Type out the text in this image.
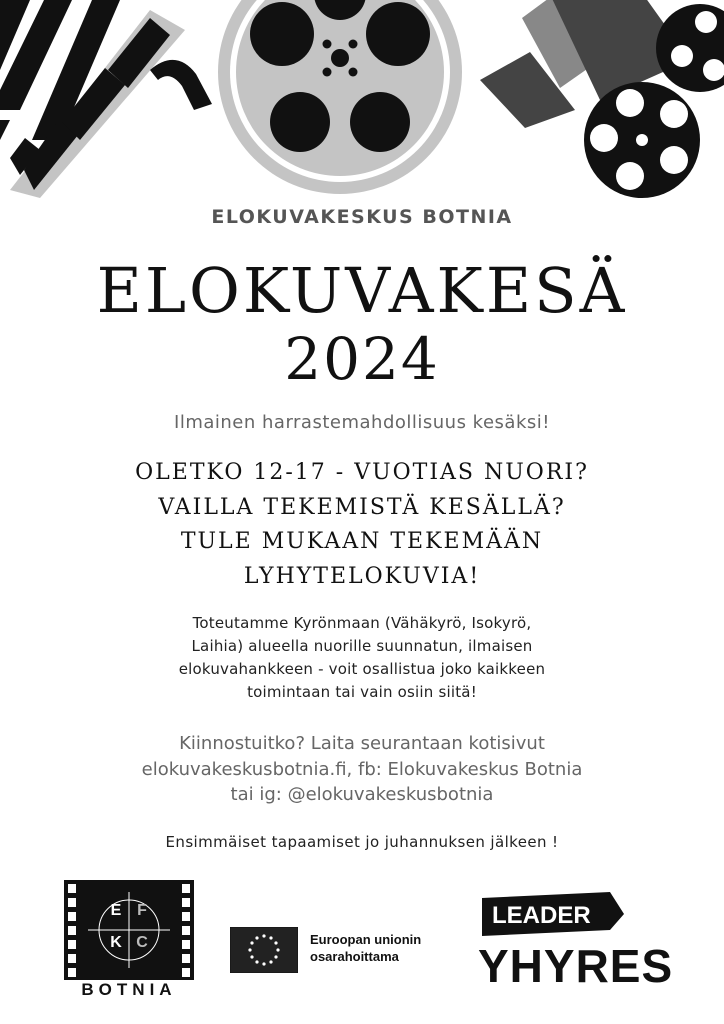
ELOKUVAKESKUS BOTNIA
ELOKUVAKESÄ
2024
Ilmainen harrastemahdollisuus kesäksi!
OLETKO 12-17 - VUOTIAS NUORI?
VAILLA TEKEMISTÄ KESÄLLÄ?
TULE MUKAAN TEKEMÄÄN
LYHYTELOKUVIA!
Toteutamme Kyrönmaan (Vähäkyrö, Isokyrö,
Laihia) alueella nuorille suunnatun, ilmaisen
elokuvahankkeen - voit osallistua joko kaikkeen
toimintaan tai vain osiin siitä!
Kiinnostuitko? Laita seurantaan kotisivut
elokuvakeskusbotnia.fi, fb: Elokuvakeskus Botnia
tai ig: @elokuvakeskusbotnia
Ensimmäiset tapaamiset jo juhannuksen jälkeen !
E F
K C
BOTNIA
Euroopan unionin
osarahoittama
LEADER
YHYRES
